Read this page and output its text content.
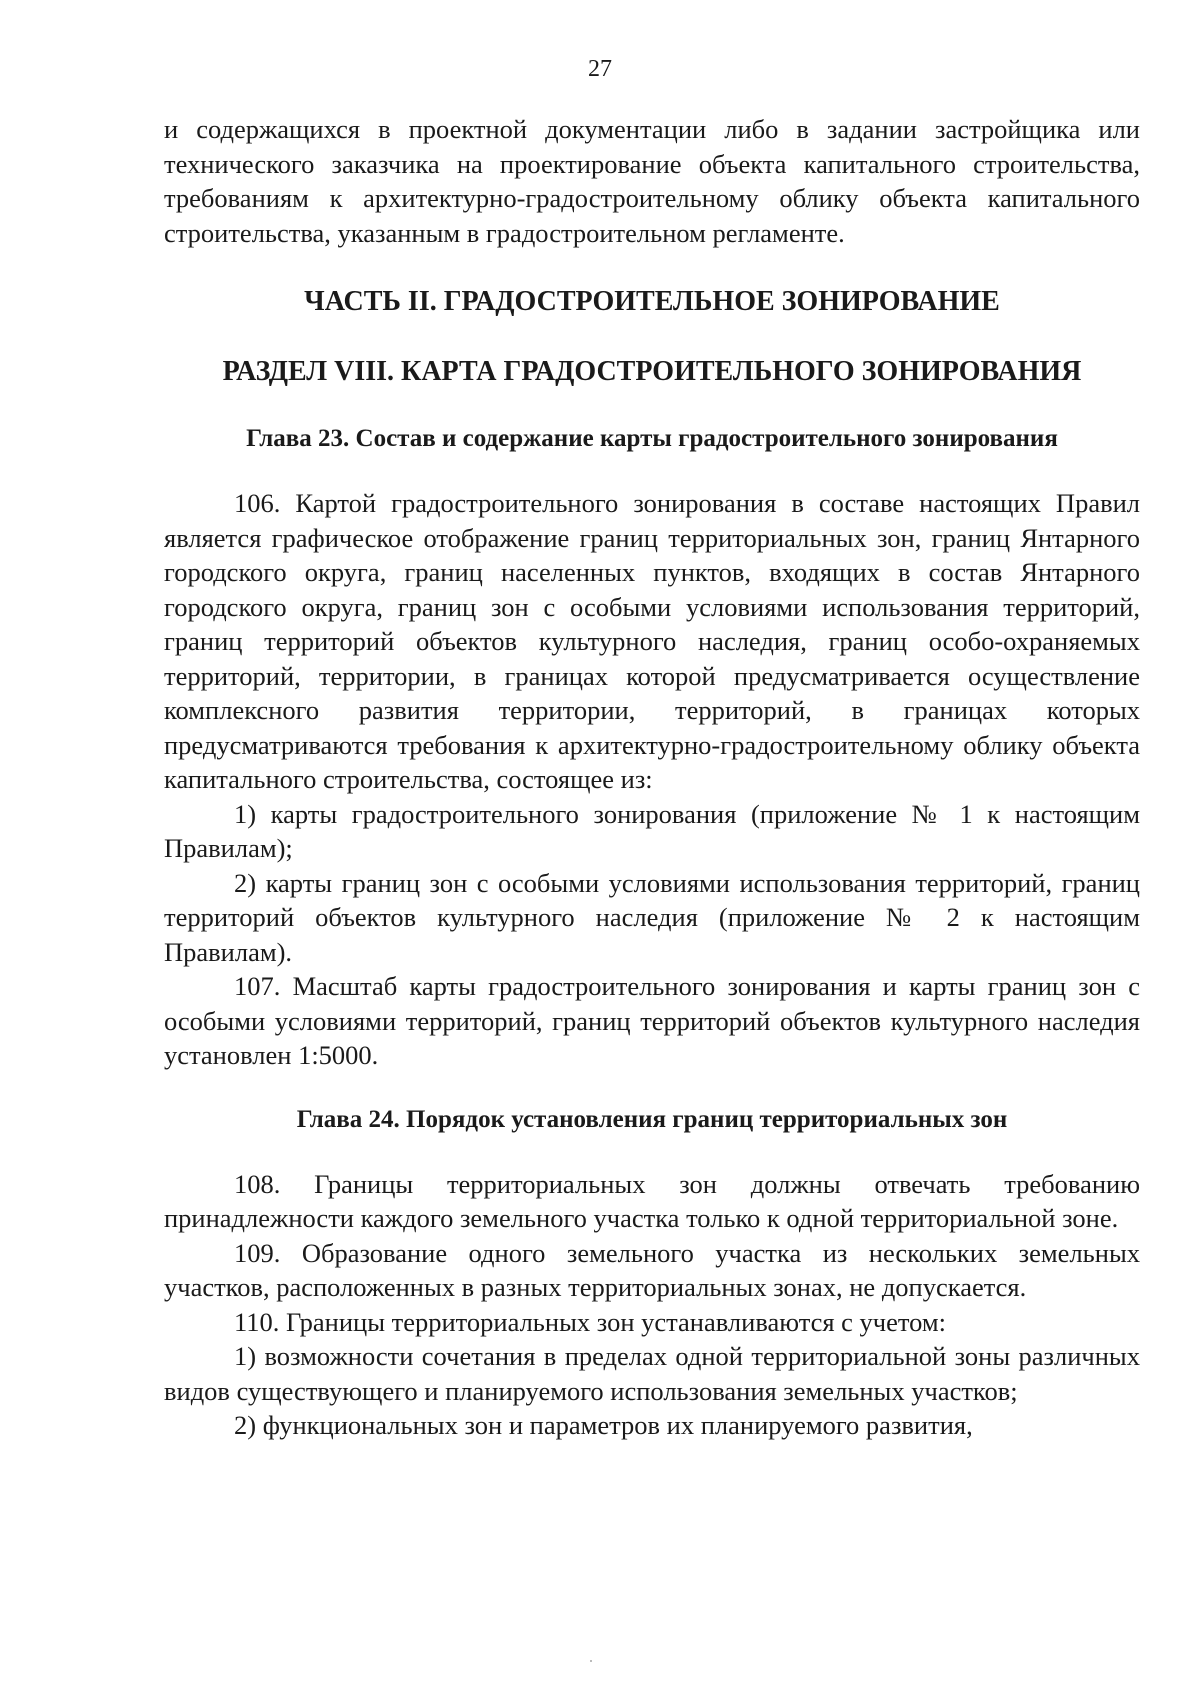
27

и содержащихся в проектной документации либо в задании застройщика или технического заказчика на проектирование объекта капитального строительства, требованиям к архитектурно-градостроительному облику объекта капитального строительства, указанным в градостроительном регламенте.

ЧАСТЬ II. ГРАДОСТРОИТЕЛЬНОЕ ЗОНИРОВАНИЕ
РАЗДЕЛ VIII. КАРТА ГРАДОСТРОИТЕЛЬНОГО ЗОНИРОВАНИЯ
Глава 23. Состав и содержание карты градостроительного зонирования

106. Картой градостроительного зонирования в составе настоящих Правил является графическое отображение границ территориальных зон, границ Янтарного городского округа, границ населенных пунктов, входящих в состав Янтарного городского округа, границ зон с особыми условиями использования территорий, границ территорий объектов культурного наследия, границ особо-охраняемых территорий, территории, в границах которой предусматривается осуществление комплексного развития территории, территорий, в границах которых предусматриваются требования к архитектурно-градостроительному облику объекта капитального строительства, состоящее из:

1) карты градостроительного зонирования (приложение № 1 к настоящим Правилам);

2) карты границ зон с особыми условиями использования территорий, границ территорий объектов культурного наследия (приложение № 2 к настоящим Правилам).

107. Масштаб карты градостроительного зонирования и карты границ зон с особыми условиями территорий, границ территорий объектов культурного наследия установлен 1:5000.

Глава 24. Порядок установления границ территориальных зон

108. Границы территориальных зон должны отвечать требованию принадлежности каждого земельного участка только к одной территориальной зоне.

109. Образование одного земельного участка из нескольких земельных участков, расположенных в разных территориальных зонах, не допускается.

110. Границы территориальных зон устанавливаются с учетом:

1) возможности сочетания в пределах одной территориальной зоны различных видов существующего и планируемого использования земельных участков;

2) функциональных зон и параметров их планируемого развития,
